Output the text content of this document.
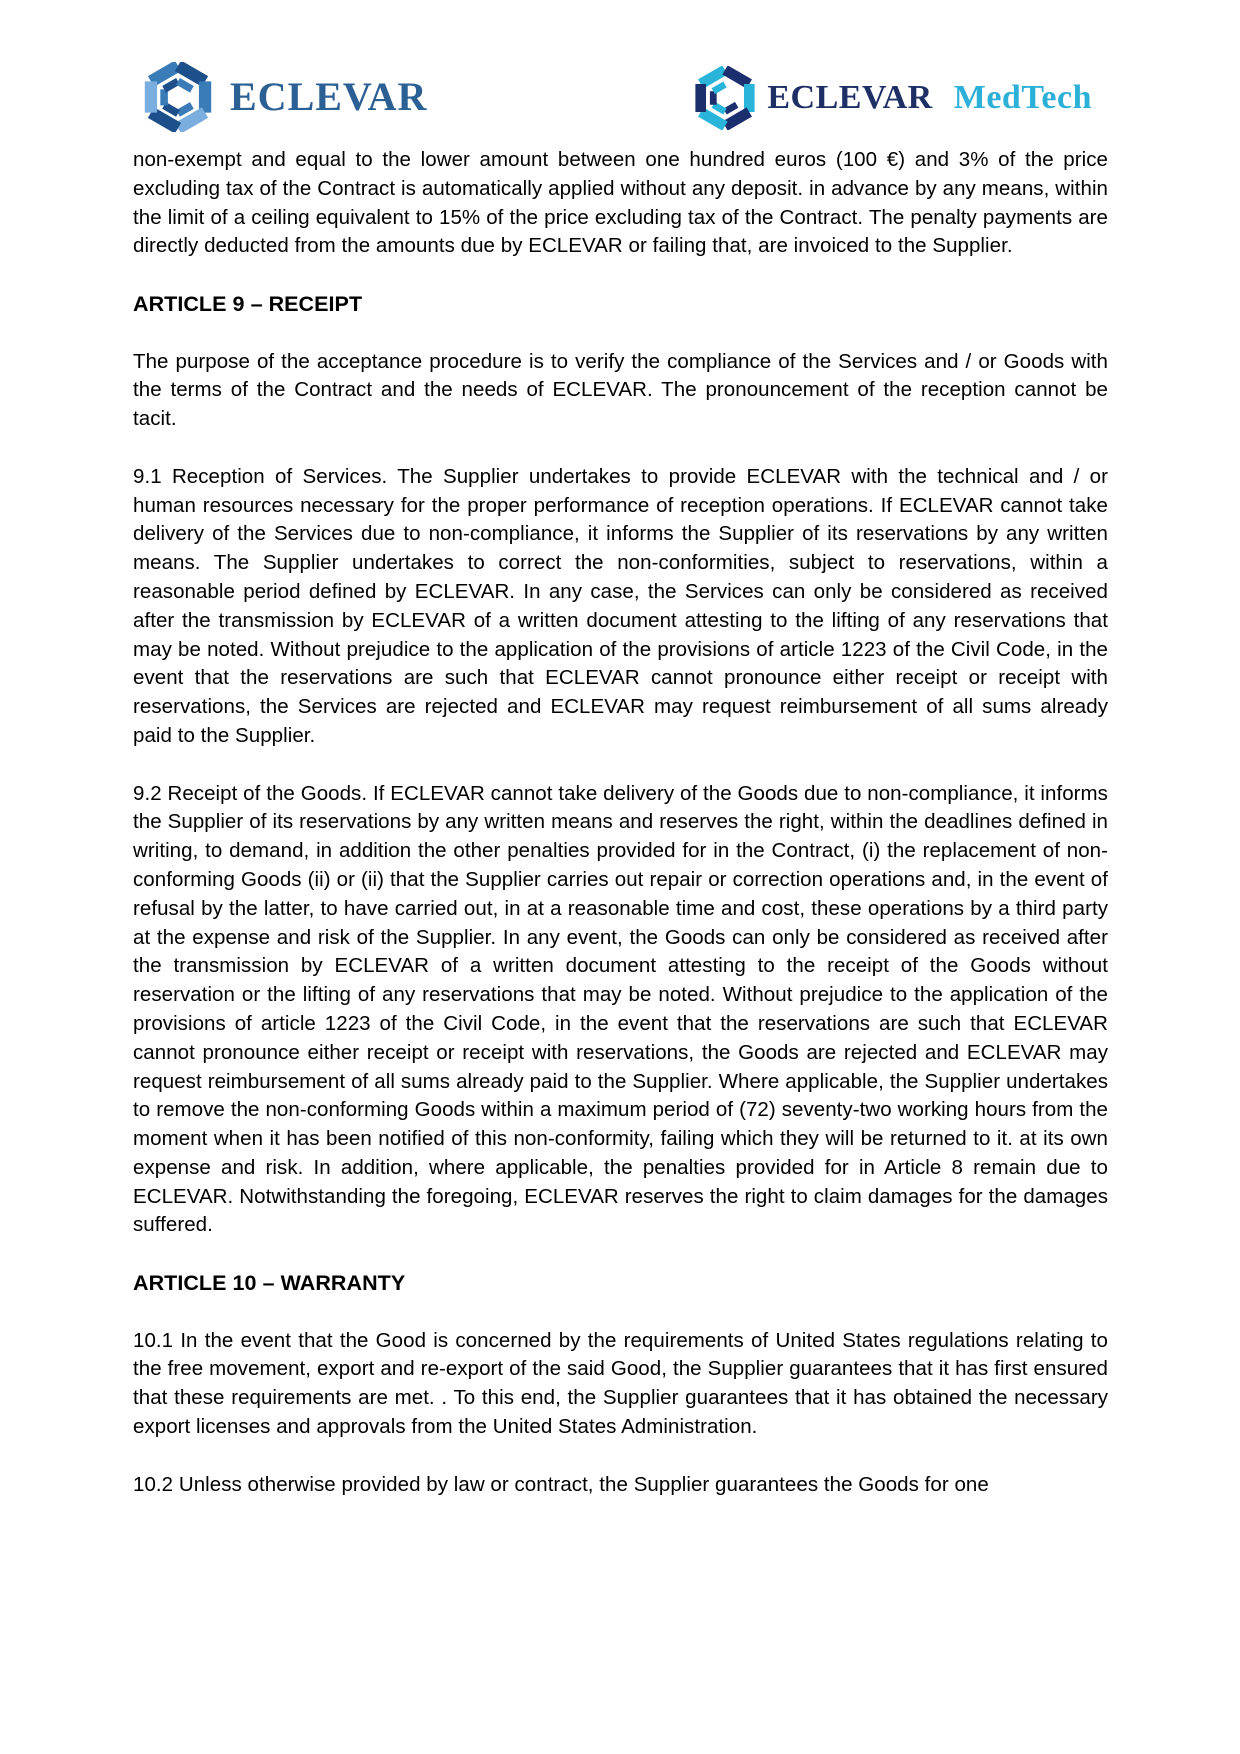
ECLEVAR	ECLEVAR MedTech

non-exempt and equal to the lower amount between one hundred euros (100 €) and 3% of the price excluding tax of the Contract is automatically applied without any deposit. in advance by any means, within the limit of a ceiling equivalent to 15% of the price excluding tax of the Contract. The penalty payments are directly deducted from the amounts due by ECLEVAR or failing that, are invoiced to the Supplier.

ARTICLE 9 – RECEIPT

The purpose of the acceptance procedure is to verify the compliance of the Services and / or Goods with the terms of the Contract and the needs of ECLEVAR. The pronouncement of the reception cannot be tacit.

9.1 Reception of Services. The Supplier undertakes to provide ECLEVAR with the technical and / or human resources necessary for the proper performance of reception operations. If ECLEVAR cannot take delivery of the Services due to non-compliance, it informs the Supplier of its reservations by any written means. The Supplier undertakes to correct the non-conformities, subject to reservations, within a reasonable period defined by ECLEVAR. In any case, the Services can only be considered as received after the transmission by ECLEVAR of a written document attesting to the lifting of any reservations that may be noted. Without prejudice to the application of the provisions of article 1223 of the Civil Code, in the event that the reservations are such that ECLEVAR cannot pronounce either receipt or receipt with reservations, the Services are rejected and ECLEVAR may request reimbursement of all sums already paid to the Supplier.

9.2 Receipt of the Goods. If ECLEVAR cannot take delivery of the Goods due to non-compliance, it informs the Supplier of its reservations by any written means and reserves the right, within the deadlines defined in writing, to demand, in addition the other penalties provided for in the Contract, (i) the replacement of non-conforming Goods (ii) or (ii) that the Supplier carries out repair or correction operations and, in the event of refusal by the latter, to have carried out, in at a reasonable time and cost, these operations by a third party at the expense and risk of the Supplier. In any event, the Goods can only be considered as received after the transmission by ECLEVAR of a written document attesting to the receipt of the Goods without reservation or the lifting of any reservations that may be noted. Without prejudice to the application of the provisions of article 1223 of the Civil Code, in the event that the reservations are such that ECLEVAR cannot pronounce either receipt or receipt with reservations, the Goods are rejected and ECLEVAR may request reimbursement of all sums already paid to the Supplier. Where applicable, the Supplier undertakes to remove the non-conforming Goods within a maximum period of (72) seventy-two working hours from the moment when it has been notified of this non-conformity, failing which they will be returned to it. at its own expense and risk. In addition, where applicable, the penalties provided for in Article 8 remain due to ECLEVAR. Notwithstanding the foregoing, ECLEVAR reserves the right to claim damages for the damages suffered.

ARTICLE 10 – WARRANTY

10.1 In the event that the Good is concerned by the requirements of United States regulations relating to the free movement, export and re-export of the said Good, the Supplier guarantees that it has first ensured that these requirements are met. . To this end, the Supplier guarantees that it has obtained the necessary export licenses and approvals from the United States Administration.

10.2 Unless otherwise provided by law or contract, the Supplier guarantees the Goods for one
